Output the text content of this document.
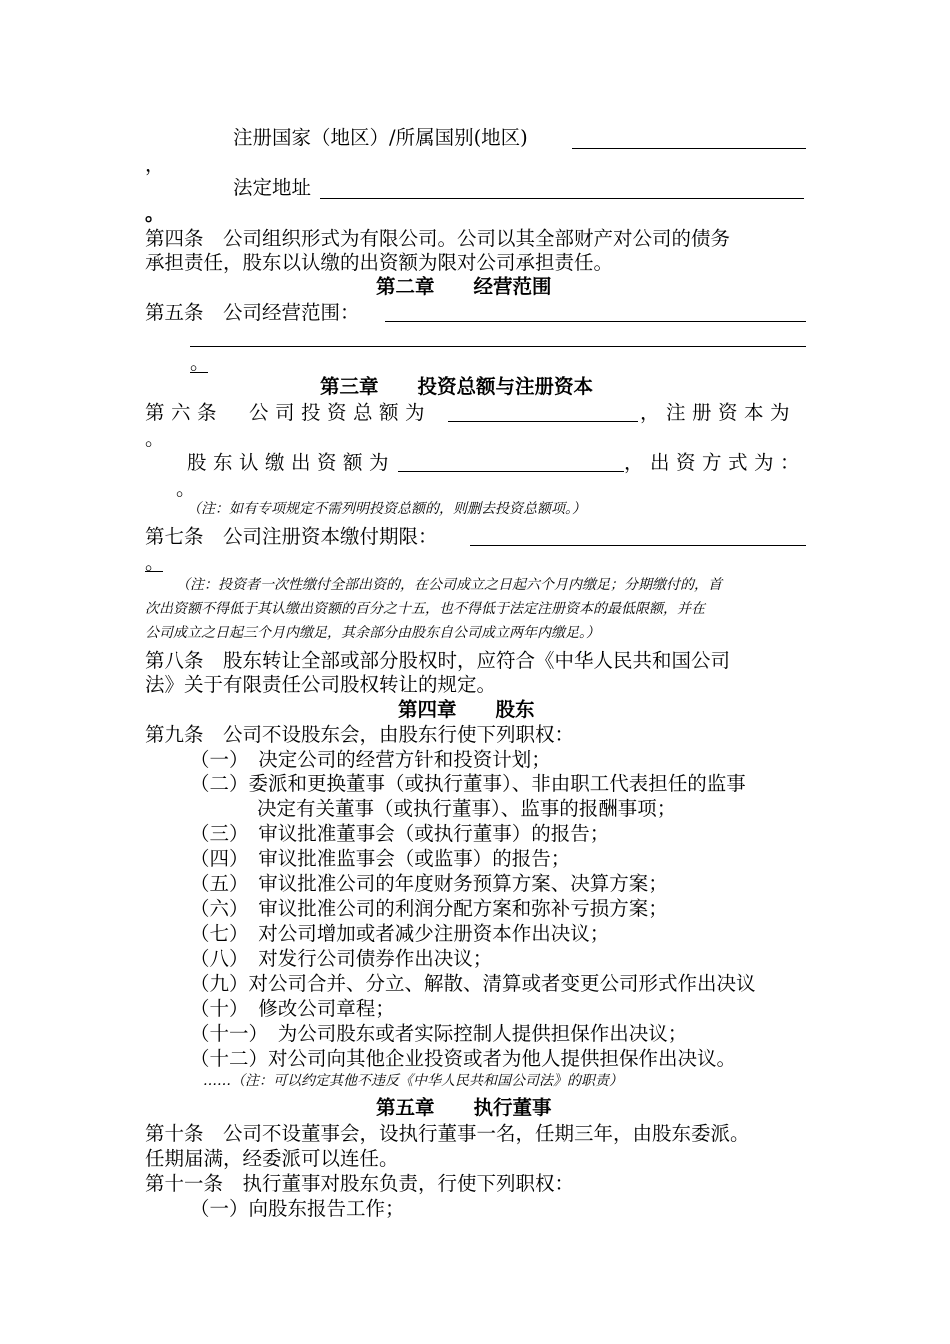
注册国家（地区）/所属国别(地区)
，
法定地址
。
第四条　公司组织形式为有限公司。公司以其全部财产对公司的债务
承担责任，股东以认缴的出资额为限对公司承担责任。
第二章　　经营范围
第五条　公司经营范围：
。
第三章　　投资总额与注册资本
第六条　公司投资总额为	，注册资本为
。
股东认缴出资额为	，出资方式为：
。
（注：如有专项规定不需列明投资总额的，则删去投资总额项。）
第七条　公司注册资本缴付期限：
。
（注：投资者一次性缴付全部出资的，在公司成立之日起六个月内缴足；分期缴付的，首
次出资额不得低于其认缴出资额的百分之十五，也不得低于法定注册资本的最低限额，并在
公司成立之日起三个月内缴足，其余部分由股东自公司成立两年内缴足。）
第八条　股东转让全部或部分股权时，应符合《中华人民共和国公司
法》关于有限责任公司股权转让的规定。
第四章　　股东
第九条　公司不设股东会，由股东行使下列职权：
（一）　决定公司的经营方针和投资计划；
（二）委派和更换董事（或执行董事）、非由职工代表担任的监事
决定有关董事（或执行董事）、监事的报酬事项；
（三）　审议批准董事会（或执行董事）的报告；
（四）　审议批准监事会（或监事）的报告；
（五）　审议批准公司的年度财务预算方案、决算方案；
（六）　审议批准公司的利润分配方案和弥补亏损方案；
（七）　对公司增加或者减少注册资本作出决议；
（八）　对发行公司债券作出决议；
（九）对公司合并、分立、解散、清算或者变更公司形式作出决议
（十）　修改公司章程；
（十一）　为公司股东或者实际控制人提供担保作出决议；
（十二）对公司向其他企业投资或者为他人提供担保作出决议。
……（注：可以约定其他不违反《中华人民共和国公司法》的职责）
第五章　　执行董事
第十条　公司不设董事会，设执行董事一名，任期三年，由股东委派。
任期届满，经委派可以连任。
第十一条　执行董事对股东负责，行使下列职权：
（一）向股东报告工作；
